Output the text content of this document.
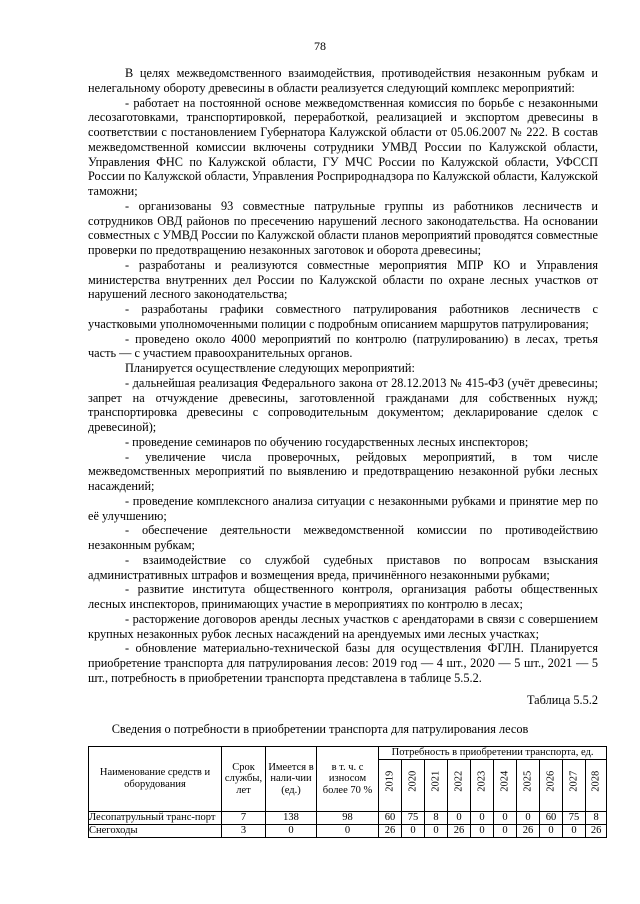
78

В целях межведомственного взаимодействия, противодействия незаконным рубкам и нелегальному обороту древесины в области реализуется следующий комплекс мероприятий:

- работает на постоянной основе межведомственная комиссия по борьбе с незаконными лесозаготовками, транспортировкой, переработкой, реализацией и экспортом древесины в соответствии с постановлением Губернатора Калужской области от 05.06.2007 № 222. В состав межведомственной комиссии включены сотрудники УМВД России по Калужской области, Управления ФНС по Калужской области, ГУ МЧС России по Калужской области, УФССП России по Калужской области, Управления Росприроднадзора по Калужской области, Калужской таможни;

- организованы 93 совместные патрульные группы из работников лесничеств и сотрудников ОВД районов по пресечению нарушений лесного законодательства. На основании совместных с УМВД России по Калужской области планов мероприятий проводятся совместные проверки по предотвращению незаконных заготовок и оборота древесины;

- разработаны и реализуются совместные мероприятия МПР КО и Управления министерства внутренних дел России по Калужской области по охране лесных участков от нарушений лесного законодательства;

- разработаны графики совместного патрулирования работников лесничеств с участковыми уполномоченными полиции с подробным описанием маршрутов патрулирования;

- проведено около 4000 мероприятий по контролю (патрулированию) в лесах, третья часть — с участием правоохранительных органов.

Планируется осуществление следующих мероприятий:

- дальнейшая реализация Федерального закона от 28.12.2013 № 415-ФЗ (учёт древесины; запрет на отчуждение древесины, заготовленной гражданами для собственных нужд; транспортировка древесины с сопроводительным документом; декларирование сделок с древесиной);

- проведение семинаров по обучению государственных лесных инспекторов;

- увеличение числа проверочных, рейдовых мероприятий, в том числе межведомственных мероприятий по выявлению и предотвращению незаконной рубки лесных насаждений;

- проведение комплексного анализа ситуации с незаконными рубками и принятие мер по её улучшению;

- обеспечение деятельности межведомственной комиссии по противодействию незаконным рубкам;

- взаимодействие со службой судебных приставов по вопросам взыскания административных штрафов и возмещения вреда, причинённого незаконными рубками;

- развитие института общественного контроля, организация работы общественных лесных инспекторов, принимающих участие в мероприятиях по контролю в лесах;

- расторжение договоров аренды лесных участков с арендаторами в связи с совершением крупных незаконных рубок лесных насаждений на арендуемых ими лесных участках;

- обновление материально-технической базы для осуществления ФГЛН. Планируется приобретение транспорта для патрулирования лесов: 2019 год — 4 шт., 2020 — 5 шт., 2021 — 5 шт., потребность в приобретении транспорта представлена в таблице 5.5.2.

Таблица 5.5.2
Сведения о потребности в приобретении транспорта для патрулирования лесов
Наименование средств и оборудования	Срок службы, лет	Имеется в нали-чии (ед.)	в т. ч. с износом более 70 %	Потребность в приобретении транспорта, ед.									

				2019	2020	2021	2022	2023	2024	2025	2026	2027	2028

Лесопатрульный транс-порт	7	138	98	60	75	8	0	0	0	0	60	75	8
Снегоходы	3	0	0	26	0	0	26	0	0	26	0	0	26
